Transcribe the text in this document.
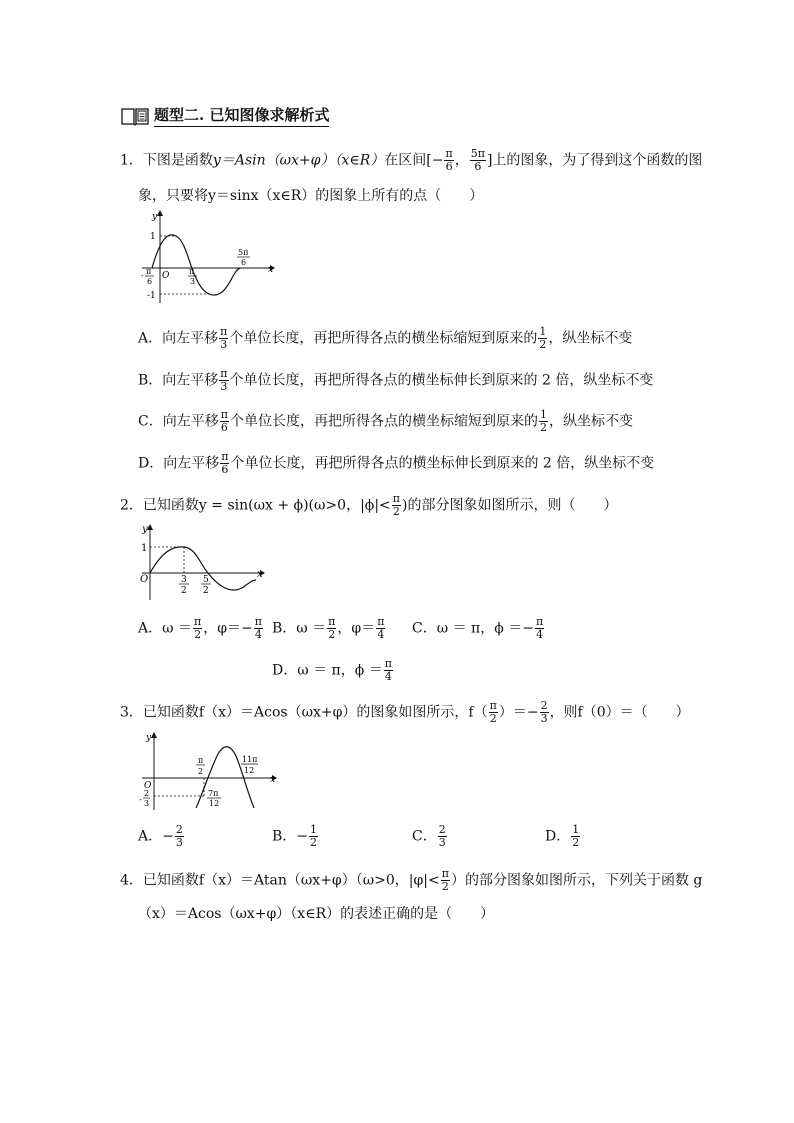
题型二. 已知图像求解析式
1．下图是函数y＝Asin（ωx+φ）（x∈R）在区间[− $\frac{\pi}{6}$ ， $\frac{5\pi}{6}$ ]上的图象，为了得到这个函数的图
象，只要将y＝sinx（x∈R）的图象上所有的点（　　）
y
x
1
-1
O
- π
6
π
3
5π
6
A．向左平移 $\frac{\pi}{3}$ 个单位长度，再把所得各点的横坐标缩短到原来的 $\frac{1}{2}$ ，纵坐标不变
B．向左平移 $\frac{\pi}{3}$ 个单位长度，再把所得各点的横坐标伸长到原来的 2 倍，纵坐标不变
C．向左平移 $\frac{\pi}{6}$ 个单位长度，再把所得各点的横坐标缩短到原来的 $\frac{1}{2}$ ，纵坐标不变
D．向左平移 $\frac{\pi}{6}$ 个单位长度，再把所得各点的横坐标伸长到原来的 2 倍，纵坐标不变
2．已知函数y = sin(ωx + ϕ)(ω>0，$|\phi|< \frac{\pi}{2}$ )的部分图象如图所示，则（　　）
y
x
1
O	3
2
5
2
A．$\omega = \frac{\pi}{2}$ ，$\varphi=- \frac{\pi}{4}$ B．$\omega = \frac{\pi}{2}$ ，$\varphi= \frac{\pi}{4}$ C．ω ＝ π，$\phi =- \frac{\pi}{4}$
D．ω ＝ π，$\phi = \frac{\pi}{4}$
3．已知函数f（x）＝Acos（ωx+φ）的图象如图所示，$f( \frac{\pi}{2}$ ）＝− $\frac{2}{3}$ ，则f（0）＝（　　）
y
x
O
-
2
3
π
2
11π
12
7π
12
A．− $\frac{2}{3}$	B．− $\frac{1}{2}$	C． $\frac{2}{3}$	D． $\frac{1}{2}$
4．已知函数f（x）＝Atan（ωx+φ）（ω>0，$|\varphi|< \frac{\pi}{2}$ ）的部分图象如图所示，下列关于函数 g
（x）＝Acos（ωx+φ）（x∈R）的表述正确的是（　　）
